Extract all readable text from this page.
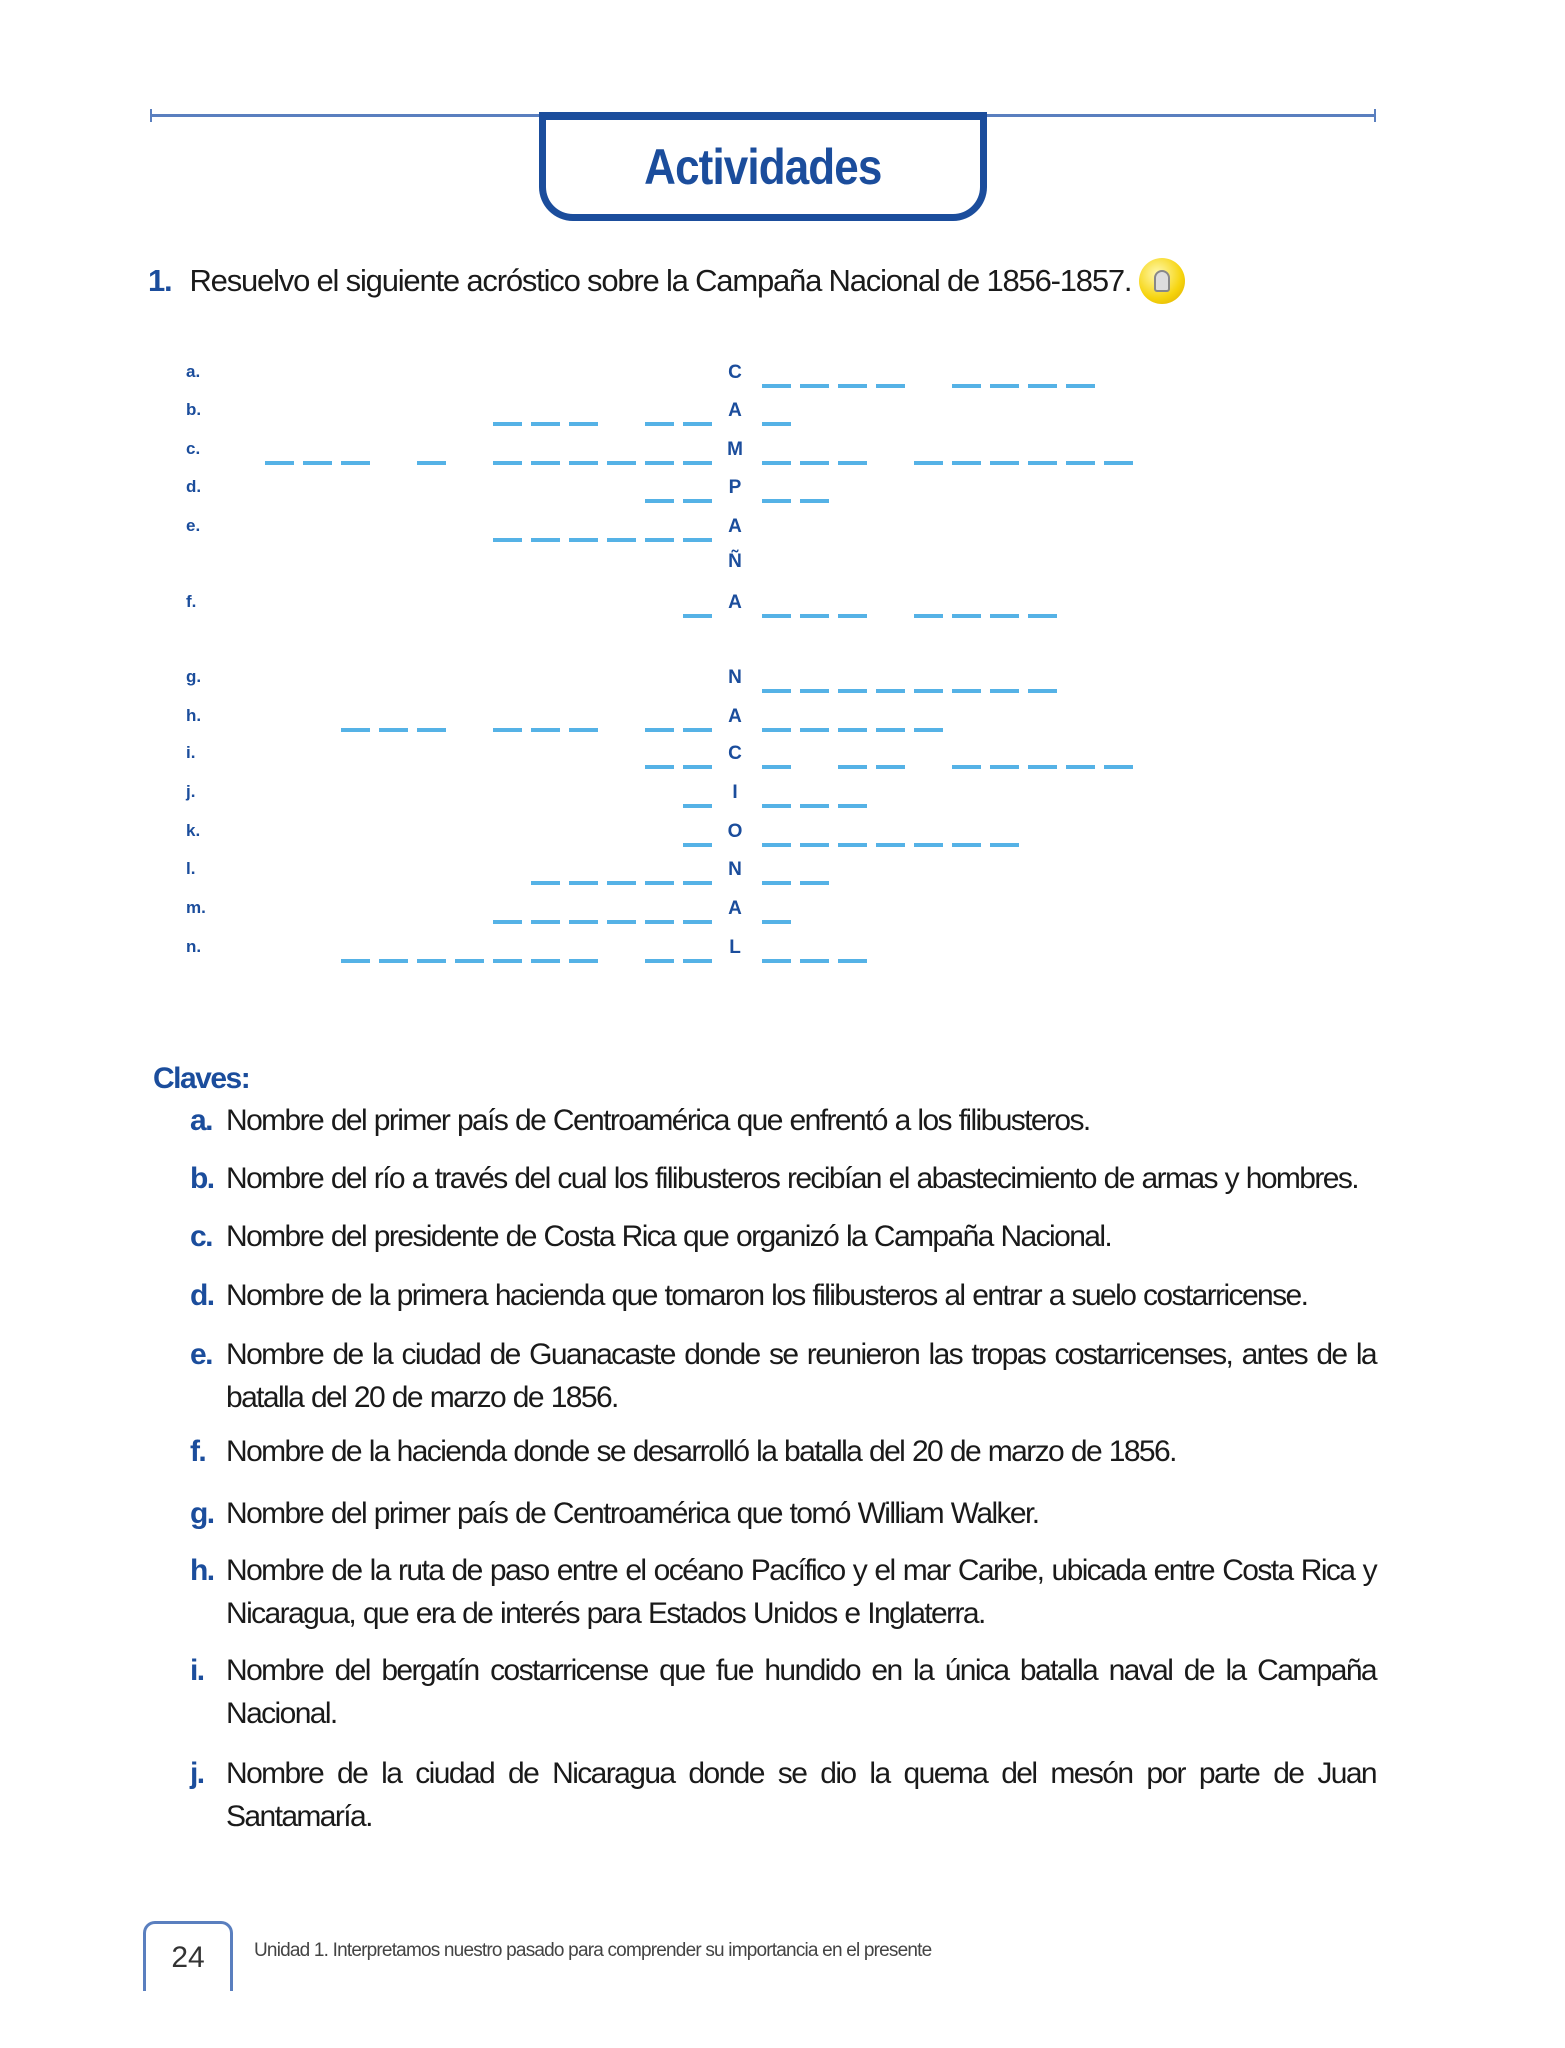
Actividades
1. Resuelvo el siguiente acróstico sobre la Campaña Nacional de 1856-1857.
a.	C
b.	A
c.	M
d.	P
e.	A
Ñ
f.	A
g.	N
h.	A
i.	C
j.	I
k.	O
l.	N
m.	A
n.	L
Claves:
a. Nombre del primer país de Centroamérica que enfrentó a los filibusteros.
b. Nombre del río a través del cual los filibusteros recibían el abastecimiento de armas y hombres.
c. Nombre del presidente de Costa Rica que organizó la Campaña Nacional.
d. Nombre de la primera hacienda que tomaron los filibusteros al entrar a suelo costarricense.
e. Nombre de la ciudad de Guanacaste donde se reunieron las tropas costarricenses, antes de la batalla del 20 de marzo de 1856.
f. Nombre de la hacienda donde se desarrolló la batalla del 20 de marzo de 1856.
g. Nombre del primer país de Centroamérica que tomó William Walker.
h. Nombre de la ruta de paso entre el océano Pacífico y el mar Caribe, ubicada entre Costa Rica y Nicaragua, que era de interés para Estados Unidos e Inglaterra.
i. Nombre del bergatín costarricense que fue hundido en la única batalla naval de la Campaña Nacional.
j. Nombre de la ciudad de Nicaragua donde se dio la quema del mesón por parte de Juan Santamaría.
24	Unidad 1. Interpretamos nuestro pasado para comprender su importancia en el presente
